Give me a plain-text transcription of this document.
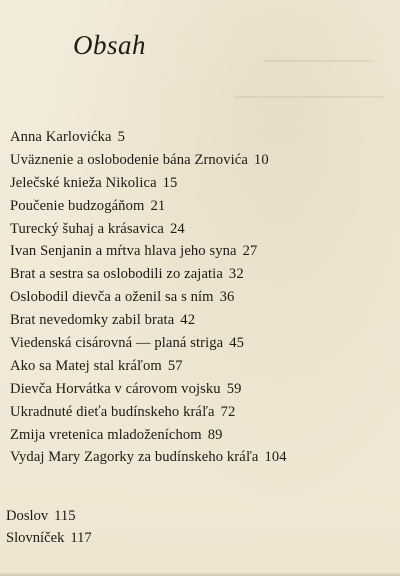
Obsah
Anna Karlovićka 5
Uväznenie a oslobodenie bána Zrnovića 10
Jelečské knieža Nikolica 15
Poučenie budzogáňom 21
Turecký šuhaj a krásavica 24
Ivan Senjanin a mŕtva hlava jeho syna 27
Brat a sestra sa oslobodili zo zajatia 32
Oslobodil dievča a oženil sa s ním 36
Brat nevedomky zabil brata 42
Viedenská cisárovná — planá striga 45
Ako sa Matej stal kráľom 57
Dievča Horvátka v cárovom vojsku 59
Ukradnuté dieťa budínskeho kráľa 72
Zmija vretenica mladoženíchom 89
Vydaj Mary Zagorky za budínskeho kráľa 104
Doslov 115
Slovníček 117
